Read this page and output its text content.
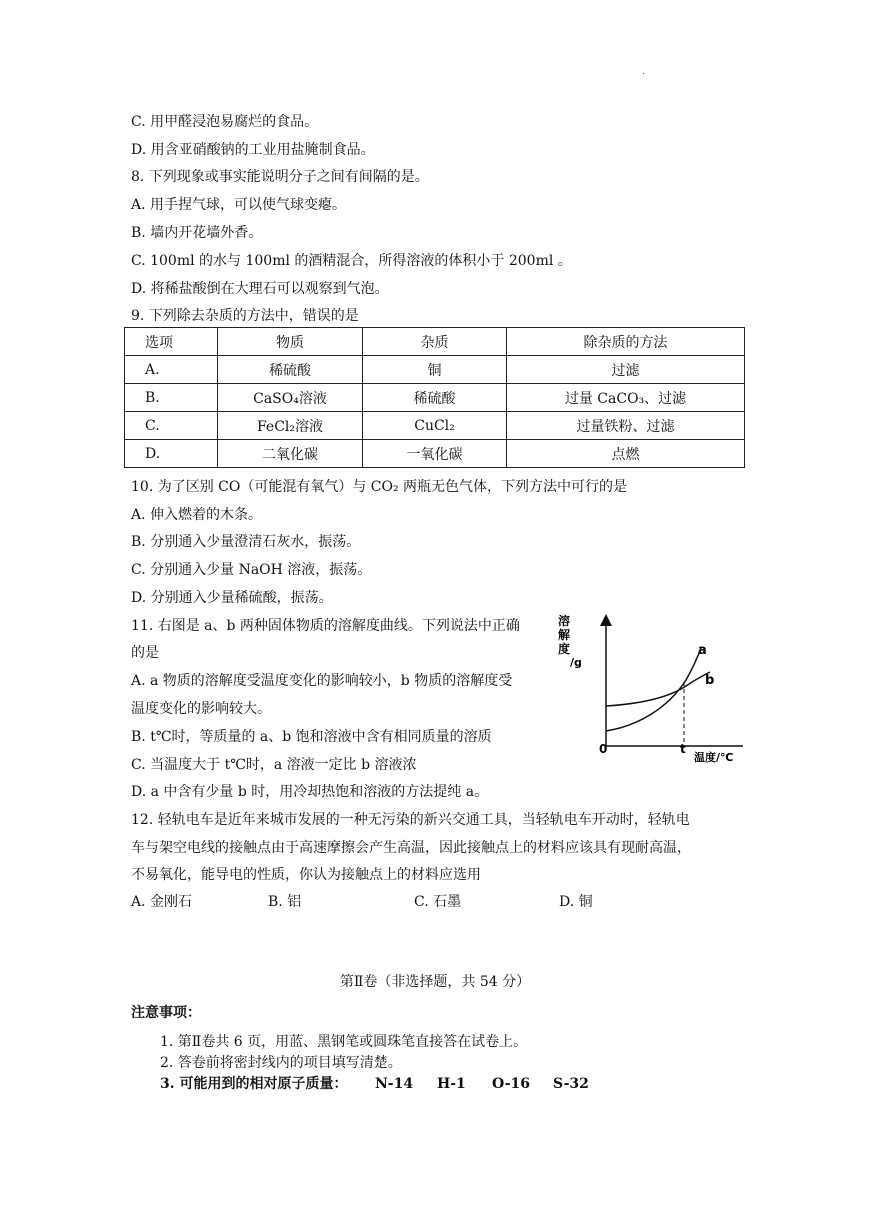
.
C. 用甲醛浸泡易腐烂的食品。
D. 用含亚硝酸钠的工业用盐腌制食品。
8. 下列现象或事实能说明分子之间有间隔的是。
A. 用手捏气球，可以使气球变瘪。
B. 墙内开花墙外香。
C. 100ml 的水与 100ml 的酒精混合，所得溶液的体积小于 200ml 。
D. 将稀盐酸倒在大理石可以观察到气泡。
9. 下列除去杂质的方法中，错误的是
选项	物质	杂质	除杂质的方法
A.	稀硫酸	铜	过滤
B.	CaSO₄溶液	稀硫酸	过量 CaCO₃、过滤
C.	FeCl₂溶液	CuCl₂	过量铁粉、过滤
D.	二氧化碳	一氧化碳	点燃
10. 为了区别 CO（可能混有氧气）与 CO₂ 两瓶无色气体，下列方法中可行的是
A. 伸入燃着的木条。
B. 分别通入少量澄清石灰水，振荡。
C. 分别通入少量 NaOH 溶液，振荡。
D. 分别通入少量稀硫酸，振荡。
11. 右图是 a、b 两种固体物质的溶解度曲线。下列说法中正确
的是
A. a 物质的溶解度受温度变化的影响较小，b 物质的溶解度受
温度变化的影响较大。
B. t℃时，等质量的 a、b 饱和溶液中含有相同质量的溶质
C. 当温度大于 t℃时，a 溶液一定比 b 溶液浓
D. a 中含有少量 b 时，用冷却热饱和溶液的方法提纯 a。
溶
解
度
/g
a
b
0	t
温度/℃
12. 轻轨电车是近年来城市发展的一种无污染的新兴交通工具，当轻轨电车开动时，轻轨电
车与架空电线的接触点由于高速摩擦会产生高温，因此接触点上的材料应该具有现耐高温，
不易氧化，能导电的性质，你认为接触点上的材料应选用
A. 金刚石	B. 铝	C. 石墨	D. 铜
第Ⅱ卷（非选择题，共 54 分）
注意事项：
1. 第Ⅱ卷共 6 页，用蓝、黑钢笔或圆珠笔直接答在试卷上。
2. 答卷前将密封线内的项目填写清楚。
3. 可能用到的相对原子质量： N-14 H-1 O-16 S-32
